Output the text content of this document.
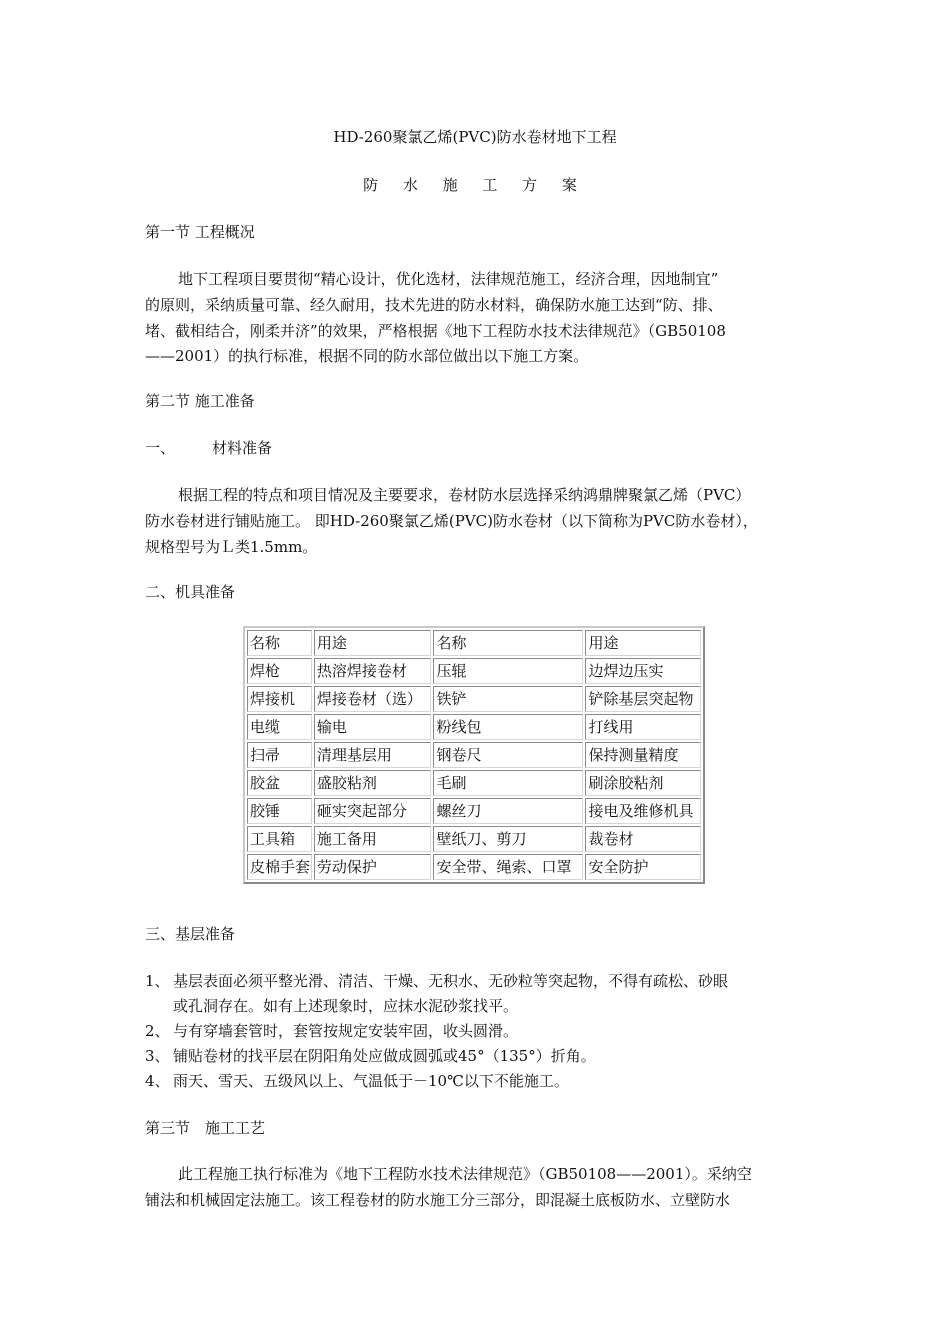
HD-260聚氯乙烯(PVC)防水卷材地下工程
防 水 施 工 方 案
第一节 工程概况
地下工程项目要贯彻“精心设计，优化选材，法律规范施工，经济合理，因地制宜”
的原则，采纳质量可靠、经久耐用，技术先进的防水材料，确保防水施工达到“防、排、
堵、截相结合，刚柔并济”的效果，严格根据《地下工程防水技术法律规范》（GB50108
——2001）的执行标准，根据不同的防水部位做出以下施工方案。
第二节 施工准备
一、 材料准备
根据工程的特点和项目情况及主要要求，卷材防水层选择采纳鸿鼎牌聚氯乙烯（PVC）
防水卷材进行铺贴施工。 即HD-260聚氯乙烯(PVC)防水卷材（以下简称为PVC防水卷材），
规格型号为Ｌ类1.5mm。
二、机具准备
名称	用途	名称	用途
焊枪	热溶焊接卷材	压辊	边焊边压实
焊接机	焊接卷材（选）	铁铲	铲除基层突起物
电缆	输电	粉线包	打线用
扫帚	清理基层用	钢卷尺	保持测量精度
胶盆	盛胶粘剂	毛刷	刷涂胶粘剂
胶锤	砸实突起部分	螺丝刀	接电及维修机具
工具箱	施工备用	壁纸刀、剪刀	裁卷材
皮棉手套	劳动保护	安全带、绳索、口罩	安全防护
三、基层准备
1、 基层表面必须平整光滑、清洁、干燥、无积水、无砂粒等突起物，不得有疏松、砂眼
或孔洞存在。如有上述现象时，应抹水泥砂浆找平。
2、 与有穿墙套管时，套管按规定安装牢固，收头圆滑。
3、 铺贴卷材的找平层在阴阳角处应做成圆弧或45°（135°）折角。
4、 雨天、雪天、五级风以上、气温低于－10℃以下不能施工。
第三节　施工工艺
此工程施工执行标准为《地下工程防水技术法律规范》（GB50108——2001）。采纳空
铺法和机械固定法施工。该工程卷材的防水施工分三部分，即混凝土底板防水、立壁防水
